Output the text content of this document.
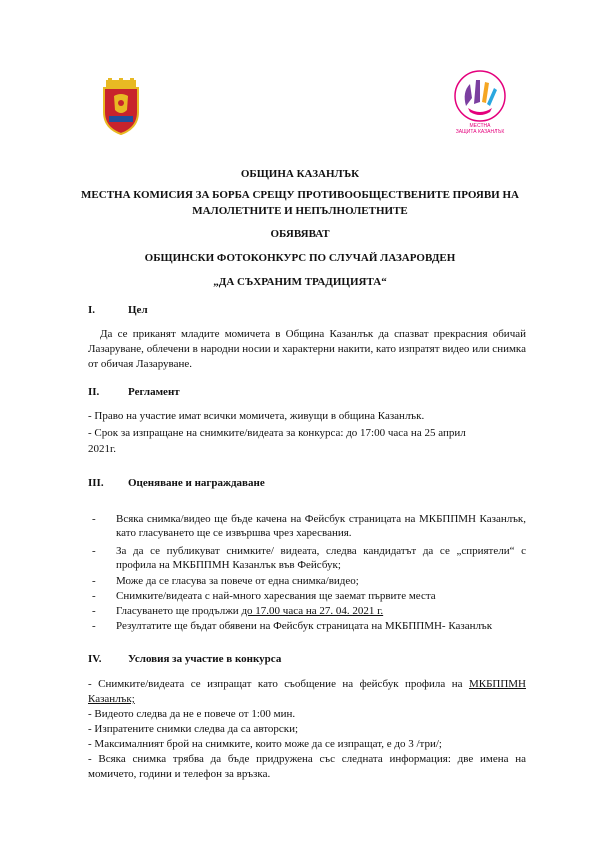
МЕСТНА
ЗАЩИТА КАЗАНЛЪК
ОБЩИНА КАЗАНЛЪК
МЕСТНА КОМИСИЯ ЗА БОРБА СРЕЩУ ПРОТИВООБЩЕСТВЕНИТЕ ПРОЯВИ НА
МАЛОЛЕТНИТЕ И НЕПЪЛНОЛЕТНИТЕ
ОБЯВЯВАТ
ОБЩИНСКИ ФОТОКОНКУРС ПО СЛУЧАЙ ЛАЗАРОВДЕН
„ДА СЪХРАНИМ ТРАДИЦИЯТА“
I.	Цел
Да се приканят младите момичета в Община Казанлък да спазват прекрасния обичай Лазаруване, облечени в народни носии и характерни накити, като изпратят видео или снимка от обичая Лазаруване.
II.	Регламент
- Право на участие имат всички момичета, живущи в община Казанлък.
- Срок за изпращане на снимките/видеата за конкурса: до 17:00 часа на 25 април
2021г.
III. Оценяване и награждаване
- Всяка снимка/видео ще бъде качена на Фейсбук страницата на МКБППМН Казанлък, като гласуването ще се извършва чрез харесвания.
- За да се публикуват снимките/ видеата, следва кандидатът да се „сприятели“ с профила на МКБППМН Казанлък във Фейсбук;
- Може да се гласува за повече от една снимка/видео;
- Снимките/видеата с най-много харесвания ще заемат първите места
- Гласуването ще продължи до 17.00 часа на 27. 04. 2021 г.
- Резултатите ще бъдат обявени на Фейсбук страницата на МКБППМН- Казанлък
IV. Условия за участие в конкурса
- Снимките/видеата се изпращат като съобщение на фейсбук профила на МКБППМН Казанлък;
- Видеото следва да не е повече от 1:00 мин.
- Изпратените снимки следва да са авторски;
- Максималният брой на снимките, които може да се изпращат, е до 3 /три/;
- Всяка снимка трябва да бъде придружена със следната информация: две имена на момичето, години и телефон за връзка.
